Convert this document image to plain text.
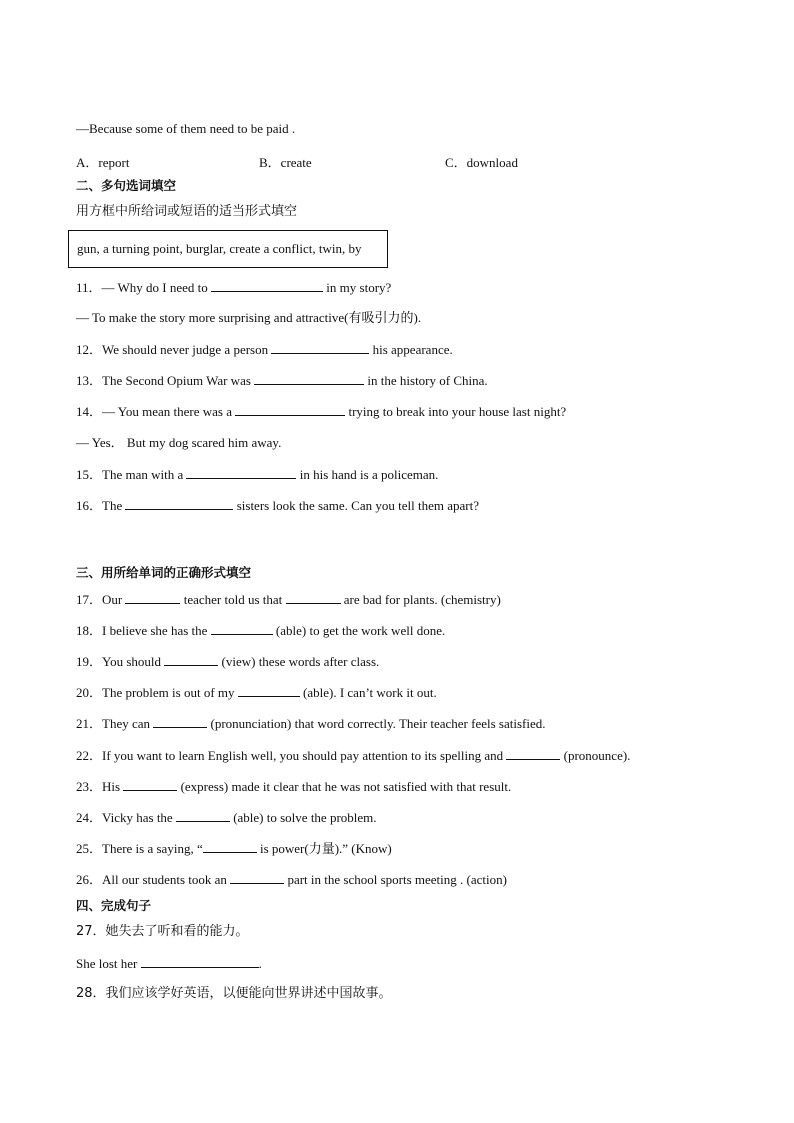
—Because some of them need to be paid .
A．report	B．create	C．download
二、多句选词填空
用方框中所给词或短语的适当形式填空
gun, a turning point, burglar, create a conflict, twin, by
11．— Why do I need to	in my story?
— To make the story more surprising and attractive(有吸引力的).
12．We should never judge a person	his appearance.
13．The Second Opium War was	in the history of China.
14．— You mean there was a	trying to break into your house last night?
— Yes． But my dog scared him away.
15．The man with a	in his hand is a policeman.
16．The	sisters look the same. Can you tell them apart?
三、用所给单词的正确形式填空
17．Our	teacher told us that	are bad for plants. (chemistry)
18．I believe she has the	(able) to get the work well done.
19．You should	(view) these words after class.
20．The problem is out of my	(able). I can’t work it out.
21．They can	(pronunciation) that word correctly. Their teacher feels satisfied.
22．If you want to learn English well, you should pay attention to its spelling and	(pronounce).
23．His	(express) made it clear that he was not satisfied with that result.
24．Vicky has the	(able) to solve the problem.
25．There is a saying, “	is power(力量).” (Know)
26．All our students took an	part in the school sports meeting . (action)
四、完成句子
27．她失去了听和看的能力。
She lost her	.
28．我们应该学好英语，以便能向世界讲述中国故事。
